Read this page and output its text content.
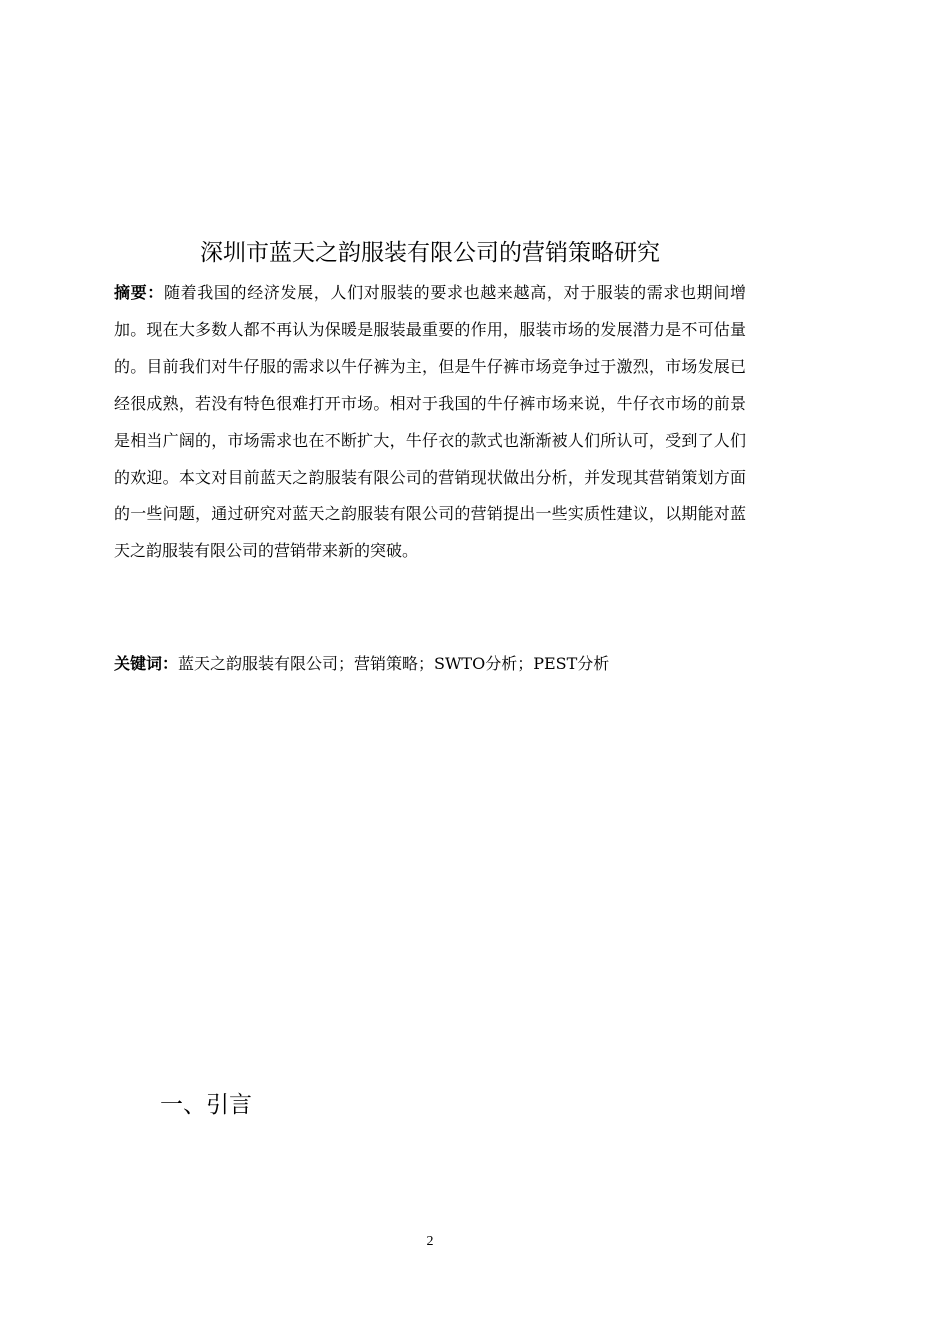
深圳市蓝天之韵服装有限公司的营销策略研究

摘要：随着我国的经济发展，人们对服装的要求也越来越高，对于服装的需求也期间增加。现在大多数人都不再认为保暖是服装最重要的作用，服装市场的发展潜力是不可估量的。目前我们对牛仔服的需求以牛仔裤为主，但是牛仔裤市场竞争过于激烈，市场发展已经很成熟，若没有特色很难打开市场。相对于我国的牛仔裤市场来说，牛仔衣市场的前景是相当广阔的，市场需求也在不断扩大，牛仔衣的款式也渐渐被人们所认可，受到了人们的欢迎。本文对目前蓝天之韵服装有限公司的营销现状做出分析，并发现其营销策划方面的一些问题，通过研究对蓝天之韵服装有限公司的营销提出一些实质性建议，以期能对蓝天之韵服装有限公司的营销带来新的突破。

关键词：蓝天之韵服装有限公司；营销策略；SWTO分析；PEST分析

一、引言
2
